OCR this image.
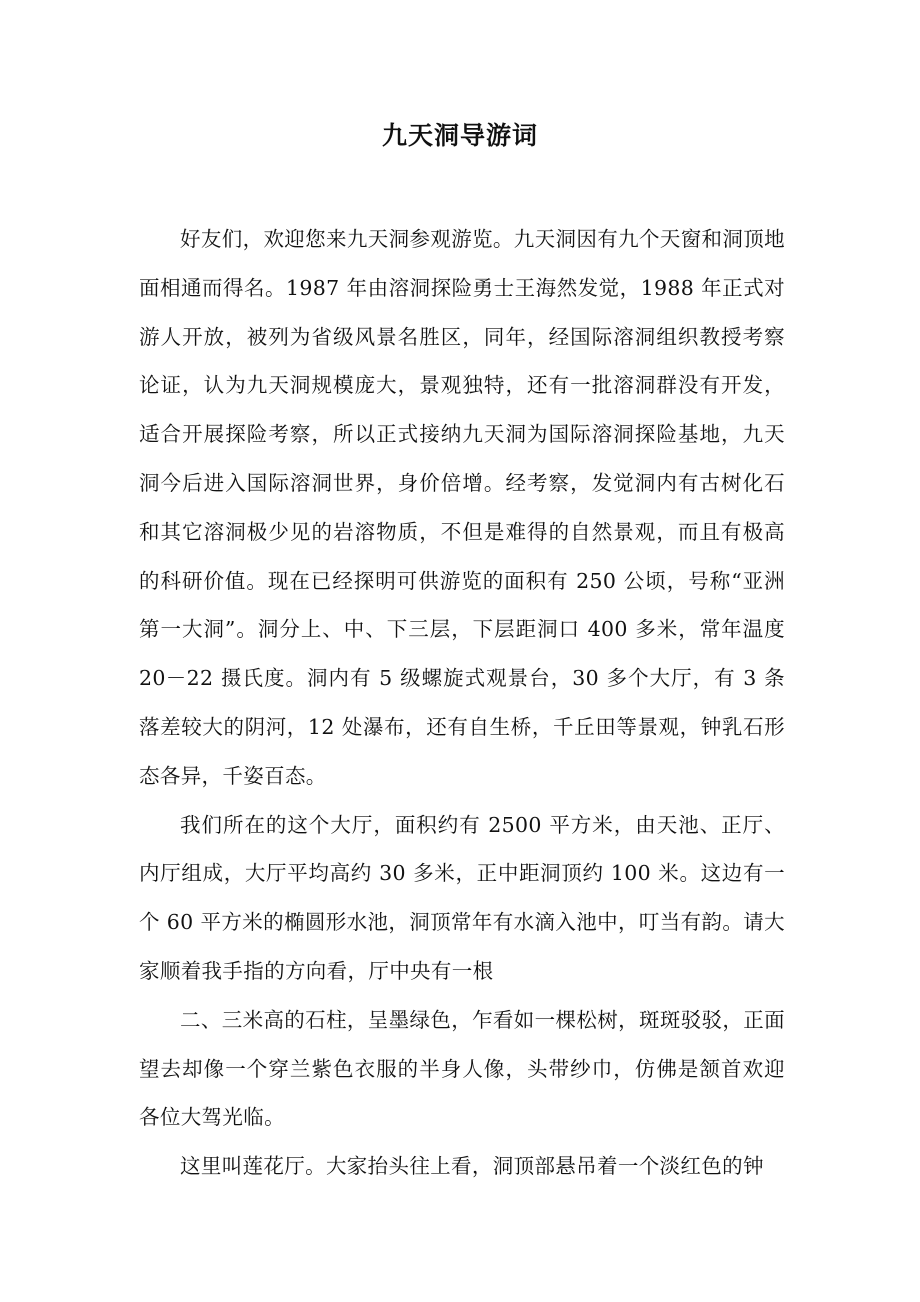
九天洞导游词

好友们，欢迎您来九天洞参观游览。九天洞因有九个天窗和洞顶地面相通而得名。1987 年由溶洞探险勇士王海然发觉，1988 年正式对游人开放，被列为省级风景名胜区，同年，经国际溶洞组织教授考察论证，认为九天洞规模庞大，景观独特，还有一批溶洞群没有开发，适合开展探险考察，所以正式接纳九天洞为国际溶洞探险基地，九天洞今后进入国际溶洞世界，身价倍增。经考察，发觉洞内有古树化石和其它溶洞极少见的岩溶物质，不但是难得的自然景观，而且有极高的科研价值。现在已经探明可供游览的面积有 250 公顷，号称“亚洲第一大洞”。洞分上、中、下三层，下层距洞口 400 多米，常年温度 20－22 摄氏度。洞内有 5 级螺旋式观景台，30 多个大厅，有 3 条落差较大的阴河，12 处瀑布，还有自生桥，千丘田等景观，钟乳石形态各异，千姿百态。

我们所在的这个大厅，面积约有 2500 平方米，由天池、正厅、内厅组成，大厅平均高约 30 多米，正中距洞顶约 100 米。这边有一个 60 平方米的椭圆形水池，洞顶常年有水滴入池中，叮当有韵。请大家顺着我手指的方向看，厅中央有一根

二、三米高的石柱，呈墨绿色，乍看如一棵松树，斑斑驳驳，正面望去却像一个穿兰紫色衣服的半身人像，头带纱巾，仿佛是颔首欢迎各位大驾光临。

这里叫莲花厅。大家抬头往上看，洞顶部悬吊着一个淡红色的钟
